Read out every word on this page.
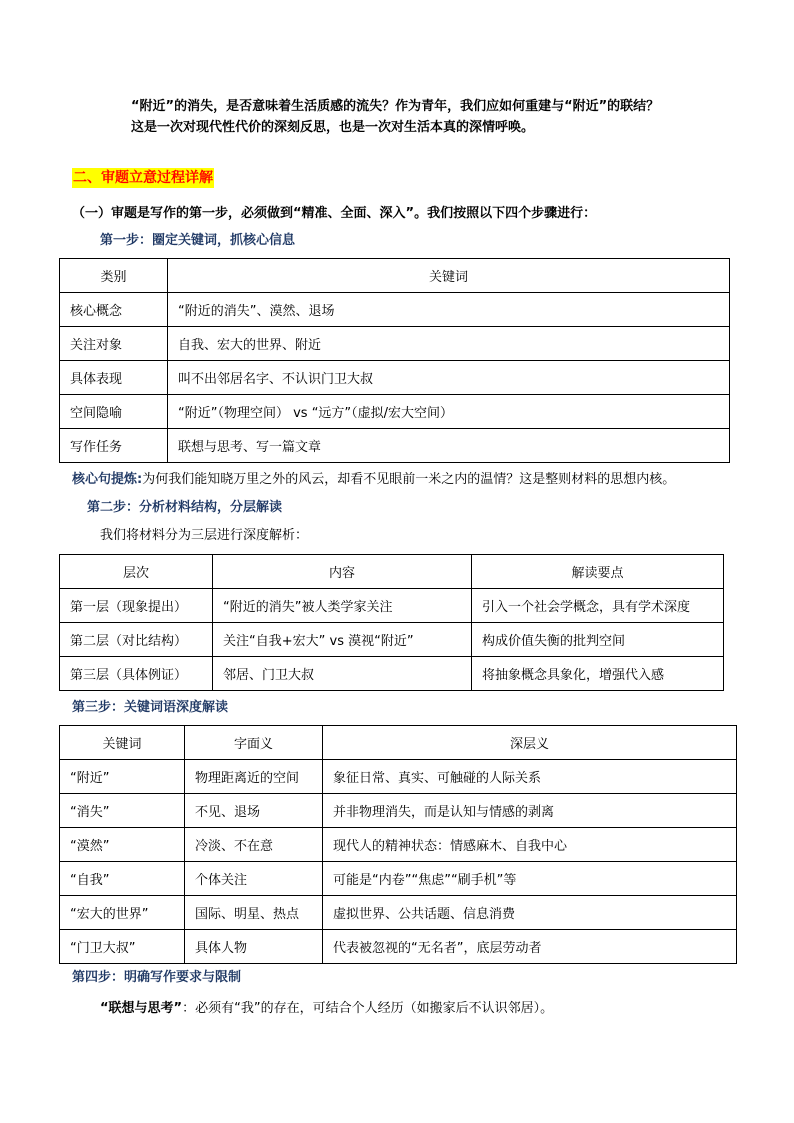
“附近”的消失，是否意味着生活质感的流失？作为青年，我们应如何重建与“附近”的联结？
这是一次对现代性代价的深刻反思，也是一次对生活本真的深情呼唤。
二、审题立意过程详解
（一）审题是写作的第一步，必须做到“精准、全面、深入”。我们按照以下四个步骤进行：
第一步：圈定关键词，抓核心信息
类别	关键词
核心概念	“附近的消失”、漠然、退场
关注对象	自我、宏大的世界、附近
具体表现	叫不出邻居名字、不认识门卫大叔
空间隐喻	“附近”（物理空间） vs “远方”（虚拟/宏大空间）
写作任务	联想与思考、写一篇文章
核心句提炼:为何我们能知晓万里之外的风云，却看不见眼前一米之内的温情？这是整则材料的思想内核。
第二步：分析材料结构，分层解读
我们将材料分为三层进行深度解析：
层次	内容	解读要点
第一层（现象提出）	“附近的消失”被人类学家关注	引入一个社会学概念，具有学术深度
第二层（对比结构）	关注“自我+宏大” vs 漠视“附近”	构成价值失衡的批判空间
第三层（具体例证）	邻居、门卫大叔	将抽象概念具象化，增强代入感
第三步：关键词语深度解读
关键词	字面义	深层义
“附近”	物理距离近的空间	象征日常、真实、可触碰的人际关系
“消失”	不见、退场	并非物理消失，而是认知与情感的剥离
“漠然”	冷淡、不在意	现代人的精神状态：情感麻木、自我中心
“自我”	个体关注	可能是“内卷”“焦虑”“刷手机”等
“宏大的世界”	国际、明星、热点	虚拟世界、公共话题、信息消费
“门卫大叔”	具体人物	代表被忽视的“无名者”，底层劳动者
第四步：明确写作要求与限制
“联想与思考”：必须有“我”的存在，可结合个人经历（如搬家后不认识邻居）。
